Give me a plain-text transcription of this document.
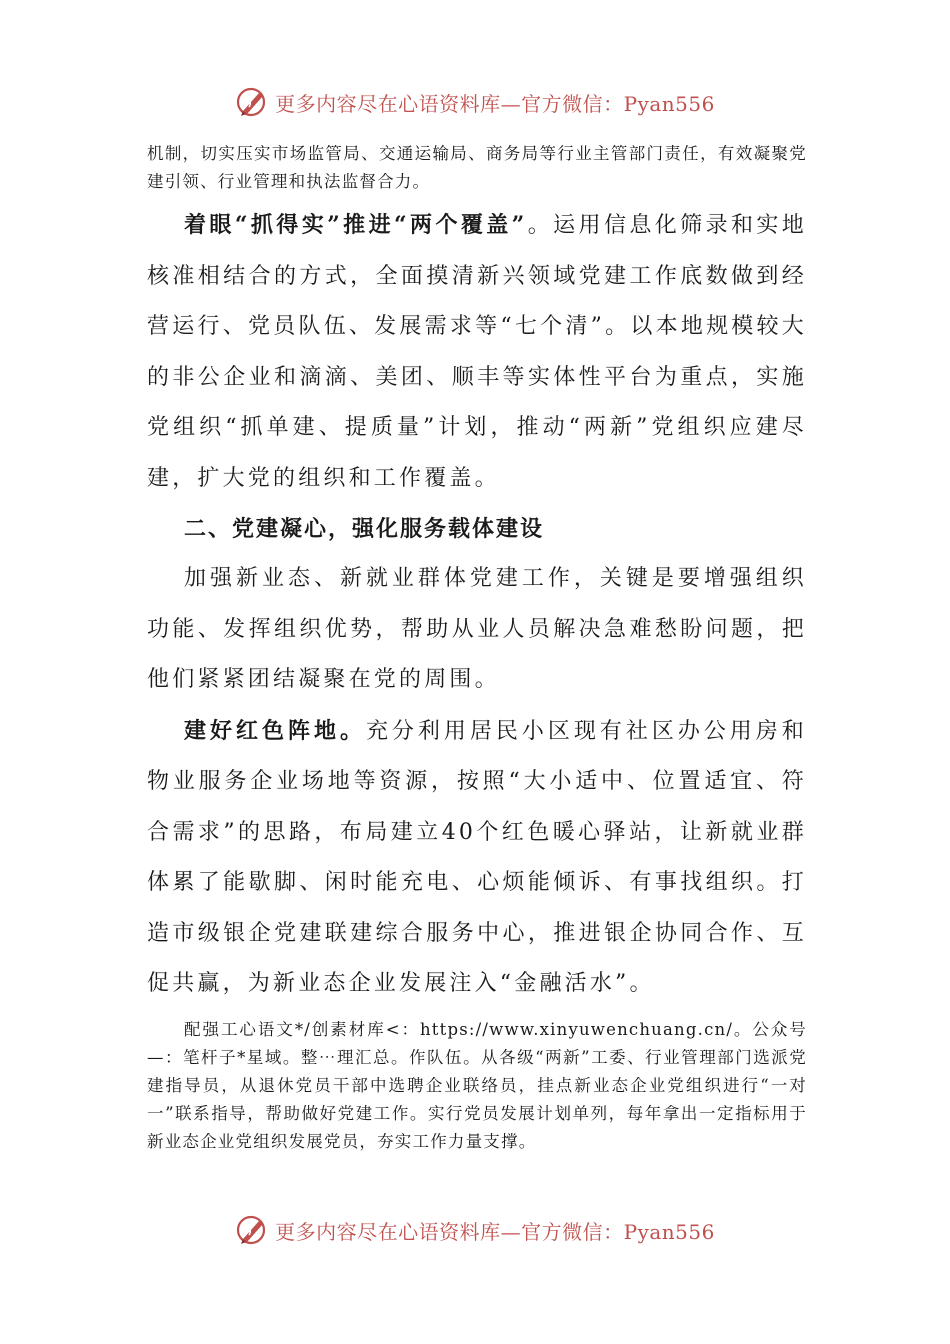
更多内容尽在心语资料库—官方微信：Pyan556

机制，切实压实市场监管局、交通运输局、商务局等行业主管部门责任，有效凝聚党建引领、行业管理和执法监督合力。

着眼“抓得实”推进“两个覆盖”。运用信息化筛录和实地核准相结合的方式，全面摸清新兴领域党建工作底数做到经营运行、党员队伍、发展需求等“七个清”。以本地规模较大的非公企业和滴滴、美团、顺丰等实体性平台为重点，实施党组织“抓单建、提质量”计划，推动“两新”党组织应建尽建，扩大党的组织和工作覆盖。

二、党建凝心，强化服务载体建设

加强新业态、新就业群体党建工作，关键是要增强组织功能、发挥组织优势，帮助从业人员解决急难愁盼问题，把他们紧紧团结凝聚在党的周围。

建好红色阵地。充分利用居民小区现有社区办公用房和物业服务企业场地等资源，按照“大小适中、位置适宜、符合需求”的思路，布局建立40个红色暖心驿站，让新就业群体累了能歇脚、闲时能充电、心烦能倾诉、有事找组织。打造市级银企党建联建综合服务中心，推进银企协同合作、互促共赢，为新业态企业发展注入“金融活水”。

配强工心语文*/创素材库<：https://www.xinyuwenchuang.cn/。公众号—：笔杆子*星域。整⋯理汇总。作队伍。从各级“两新”工委、行业管理部门选派党建指导员，从退休党员干部中选聘企业联络员，挂点新业态企业党组织进行“一对一”联系指导，帮助做好党建工作。实行党员发展计划单列，每年拿出一定指标用于新业态企业党组织发展党员，夯实工作力量支撑。

更多内容尽在心语资料库—官方微信：Pyan556
